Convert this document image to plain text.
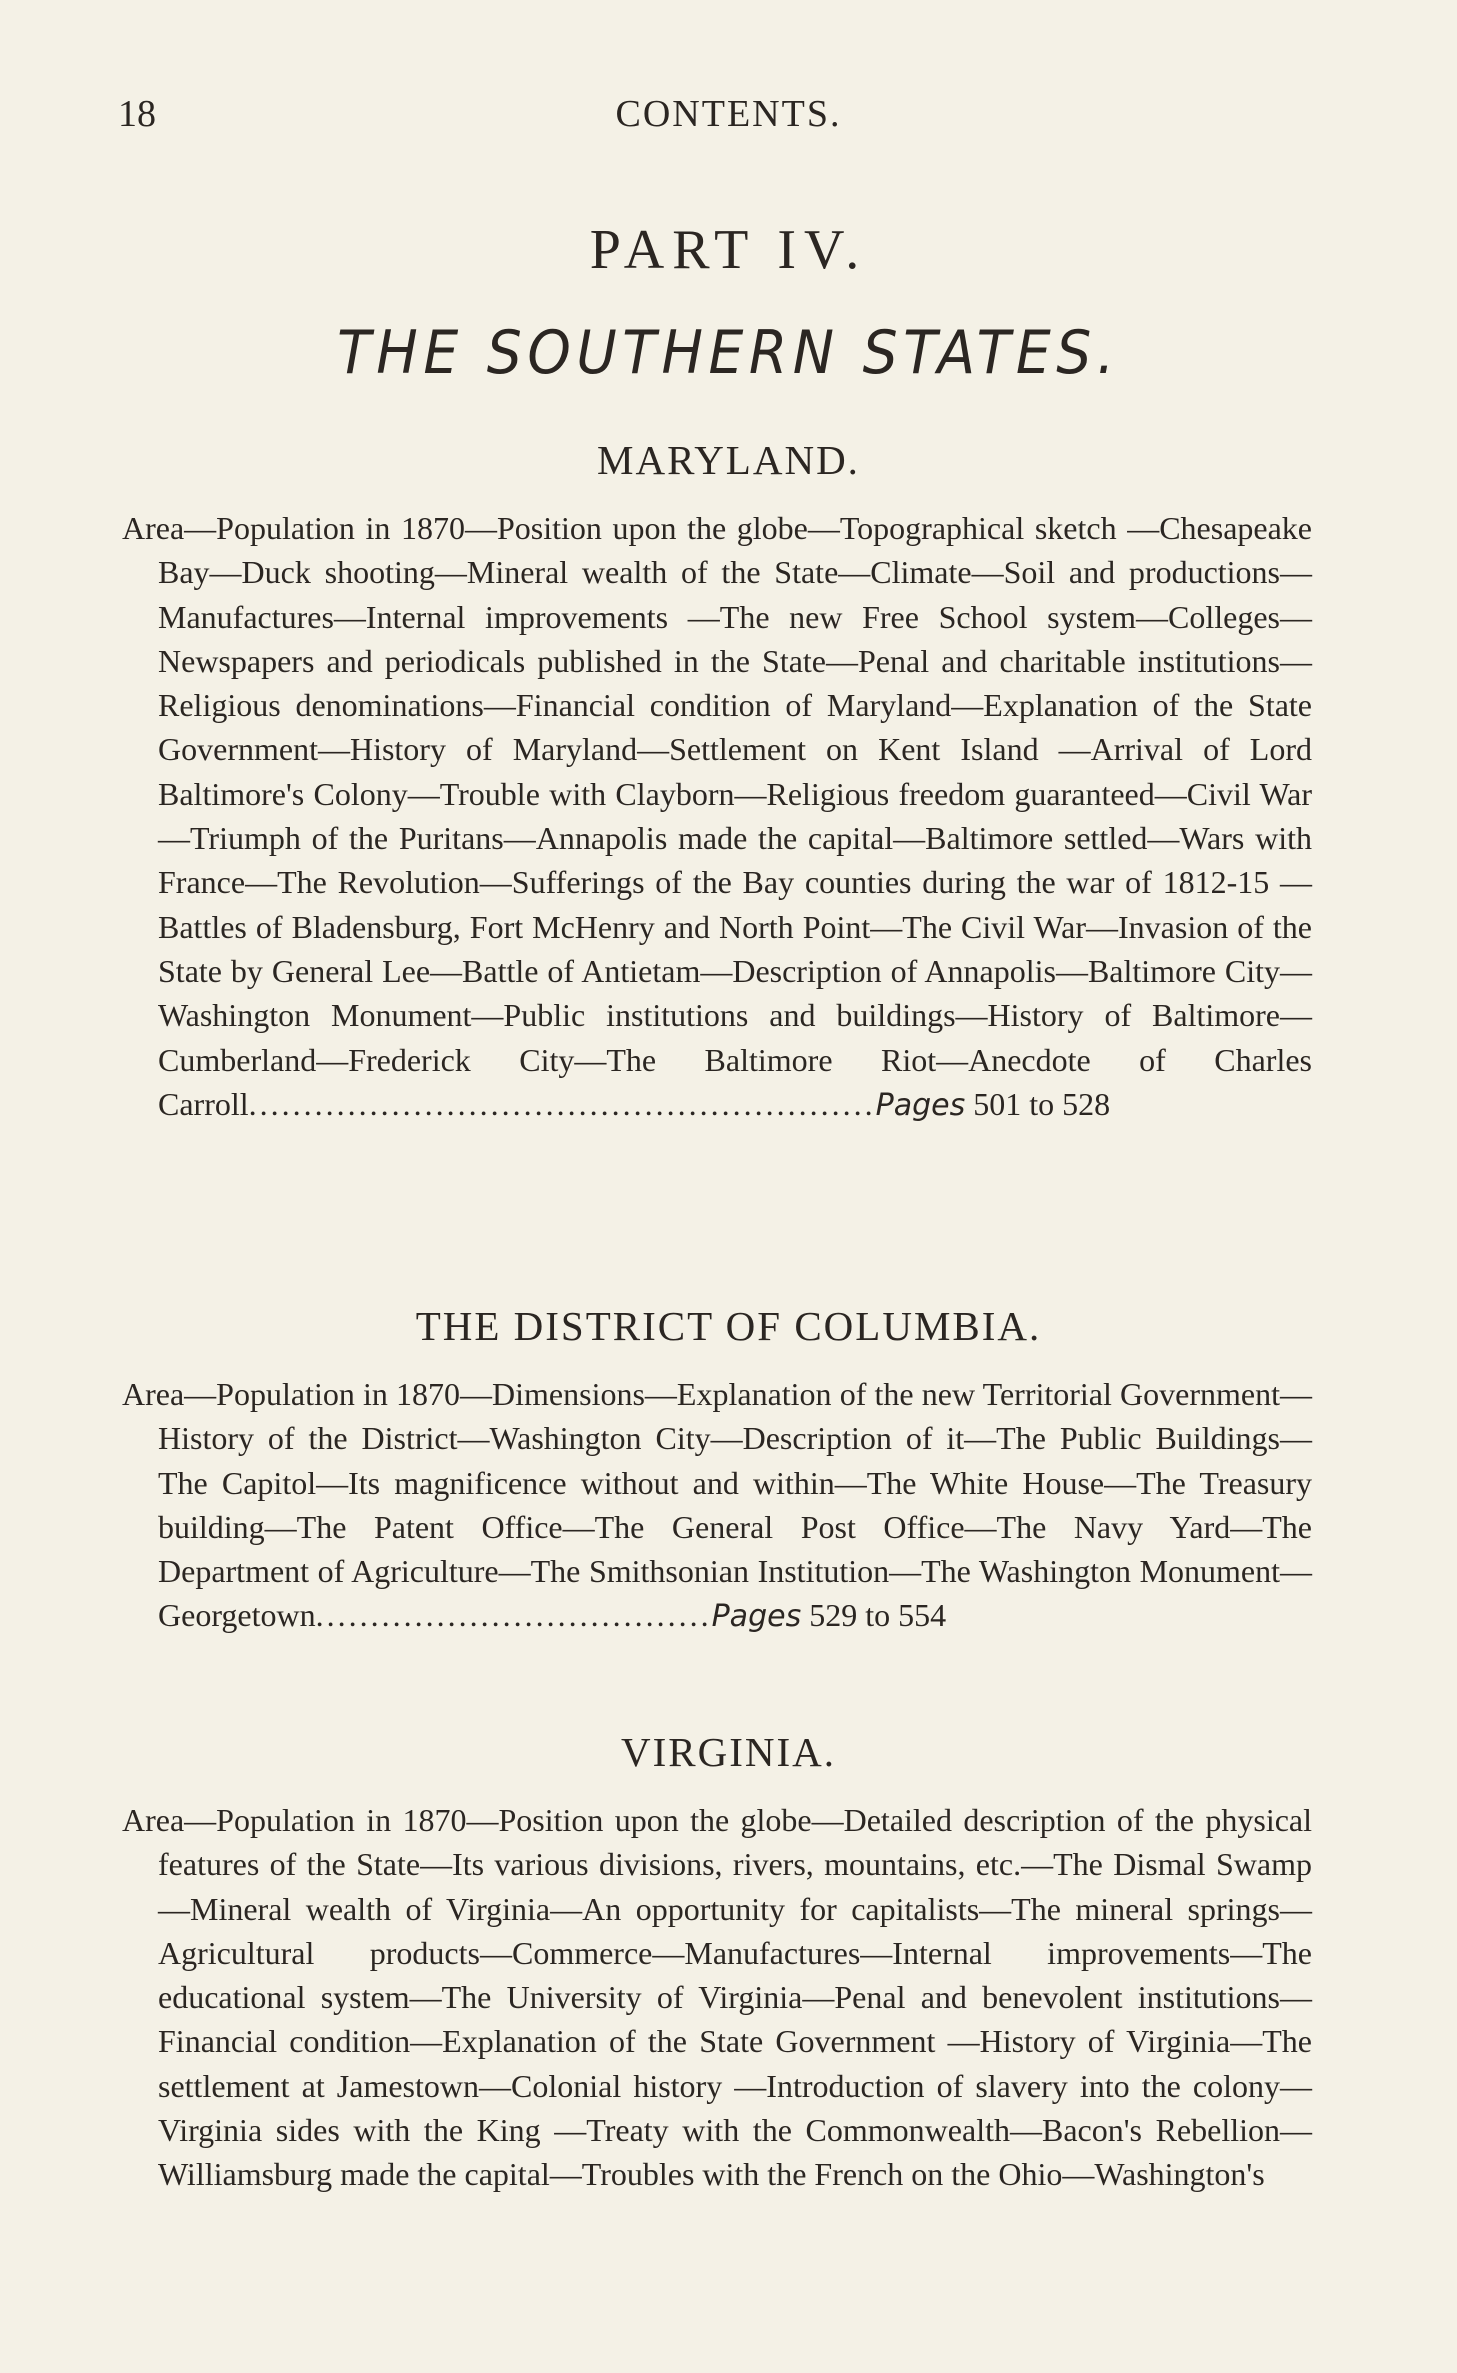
18	CONTENTS.
PART IV.
THE SOUTHERN STATES.
MARYLAND.

Area—Population in 1870—Position upon the globe—Topographical sketch —Chesapeake Bay—Duck shooting—Mineral wealth of the State—Climate—Soil and productions—Manufactures—Internal improvements —The new Free School system—Colleges—Newspapers and periodicals published in the State—Penal and charitable institutions—Religious denominations—Financial condition of Maryland—Explanation of the State Government—History of Maryland—Settlement on Kent Island —Arrival of Lord Baltimore's Colony—Trouble with Clayborn—Religious freedom guaranteed—Civil War—Triumph of the Puritans—Annapolis made the capital—Baltimore settled—Wars with France—The Revolution—Sufferings of the Bay counties during the war of 1812-15 —Battles of Bladensburg, Fort McHenry and North Point—The Civil War—Invasion of the State by General Lee—Battle of Antietam—Description of Annapolis—Baltimore City—Washington Monument—Public institutions and buildings—History of Baltimore—Cumberland—Frederick City—The Baltimore Riot—Anecdote of Charles Carroll.........................................................Pages 501 to 528

THE DISTRICT OF COLUMBIA.

Area—Population in 1870—Dimensions—Explanation of the new Territorial Government—History of the District—Washington City—Description of it—The Public Buildings—The Capitol—Its magnificence without and within—The White House—The Treasury building—The Patent Office—The General Post Office—The Navy Yard—The Department of Agriculture—The Smithsonian Institution—The Washington Monument—Georgetown....................................Pages 529 to 554

VIRGINIA.

Area—Population in 1870—Position upon the globe—Detailed description of the physical features of the State—Its various divisions, rivers, mountains, etc.—The Dismal Swamp—Mineral wealth of Virginia—An opportunity for capitalists—The mineral springs—Agricultural products—Commerce—Manufactures—Internal improvements—The educational system—The University of Virginia—Penal and benevolent institutions—Financial condition—Explanation of the State Government —History of Virginia—The settlement at Jamestown—Colonial history —Introduction of slavery into the colony—Virginia sides with the King —Treaty with the Commonwealth—Bacon's Rebellion—Williamsburg made the capital—Troubles with the French on the Ohio—Washington's
